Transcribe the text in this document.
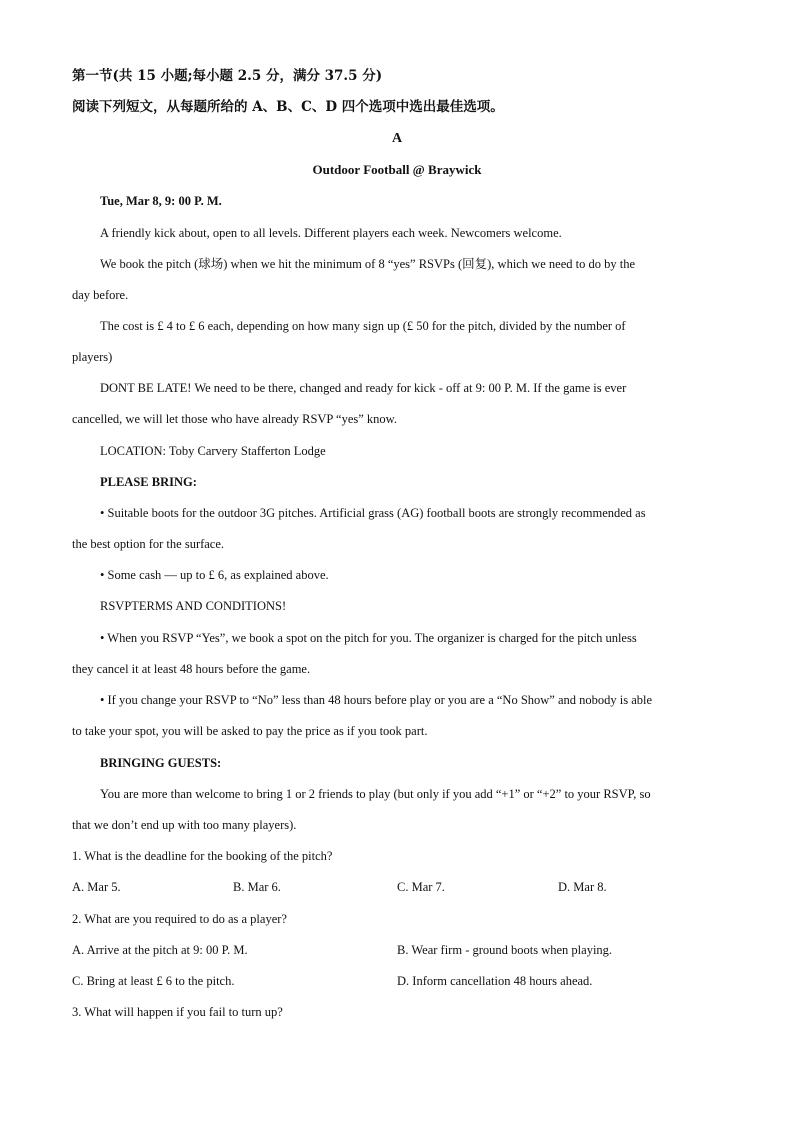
第一节(共 15 小题;每小题 2.5 分，满分 37.5 分)
阅读下列短文，从每题所给的 A、B、C、D 四个选项中选出最佳选项。
A
Outdoor Football @ Braywick
Tue, Mar 8, 9: 00 P. M.
A friendly kick about, open to all levels. Different players each week. Newcomers welcome.
We book the pitch (球场) when we hit the minimum of 8 “yes” RSVPs (回复), which we need to do by the
day before.
The cost is £ 4 to £ 6 each, depending on how many sign up (£ 50 for the pitch, divided by the number of
players)
DONT BE LATE! We need to be there, changed and ready for kick - off at 9: 00 P. M. If the game is ever
cancelled, we will let those who have already RSVP “yes” know.
LOCATION: Toby Carvery Stafferton Lodge
PLEASE BRING:
• Suitable boots for the outdoor 3G pitches. Artificial grass (AG) football boots are strongly recommended as
the best option for the surface.
• Some cash — up to £ 6, as explained above.
RSVPTERMS AND CONDITIONS!
• When you RSVP “Yes”, we book a spot on the pitch for you. The organizer is charged for the pitch unless
they cancel it at least 48 hours before the game.
• If you change your RSVP to “No” less than 48 hours before play or you are a “No Show” and nobody is able
to take your spot, you will be asked to pay the price as if you took part.
BRINGING GUESTS:
You are more than welcome to bring 1 or 2 friends to play (but only if you add “+1” or “+2” to your RSVP, so
that we don’t end up with too many players).
1. What is the deadline for the booking of the pitch?
A. Mar 5.	B. Mar 6.	C. Mar 7.	D. Mar 8.
2. What are you required to do as a player?
A. Arrive at the pitch at 9: 00 P. M.	B. Wear firm - ground boots when playing.
C. Bring at least £ 6 to the pitch.	D. Inform cancellation 48 hours ahead.
3. What will happen if you fail to turn up?
